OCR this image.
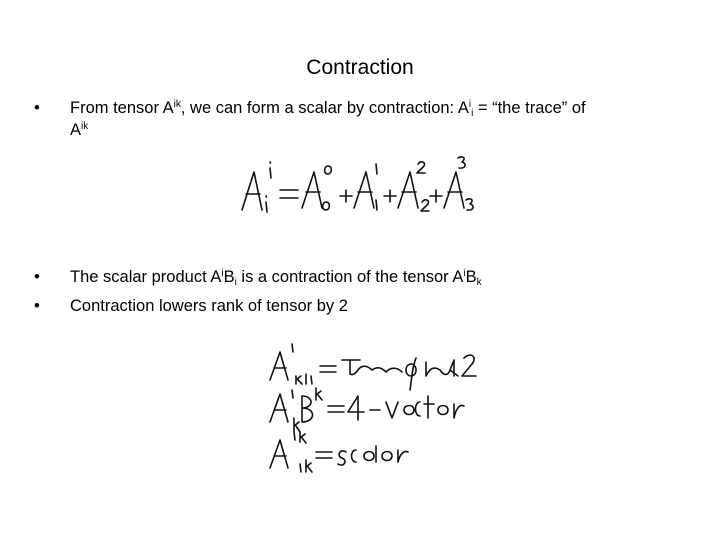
Contraction
•	From tensor $A^{ik}$, we can form a scalar by contraction: $A^i_i$ = “the trace” of
$A^{ik}$
•	The scalar product $A^iB_i$ is a contraction of the tensor $A^iB_k$
•	Contraction lowers rank of tensor by 2
